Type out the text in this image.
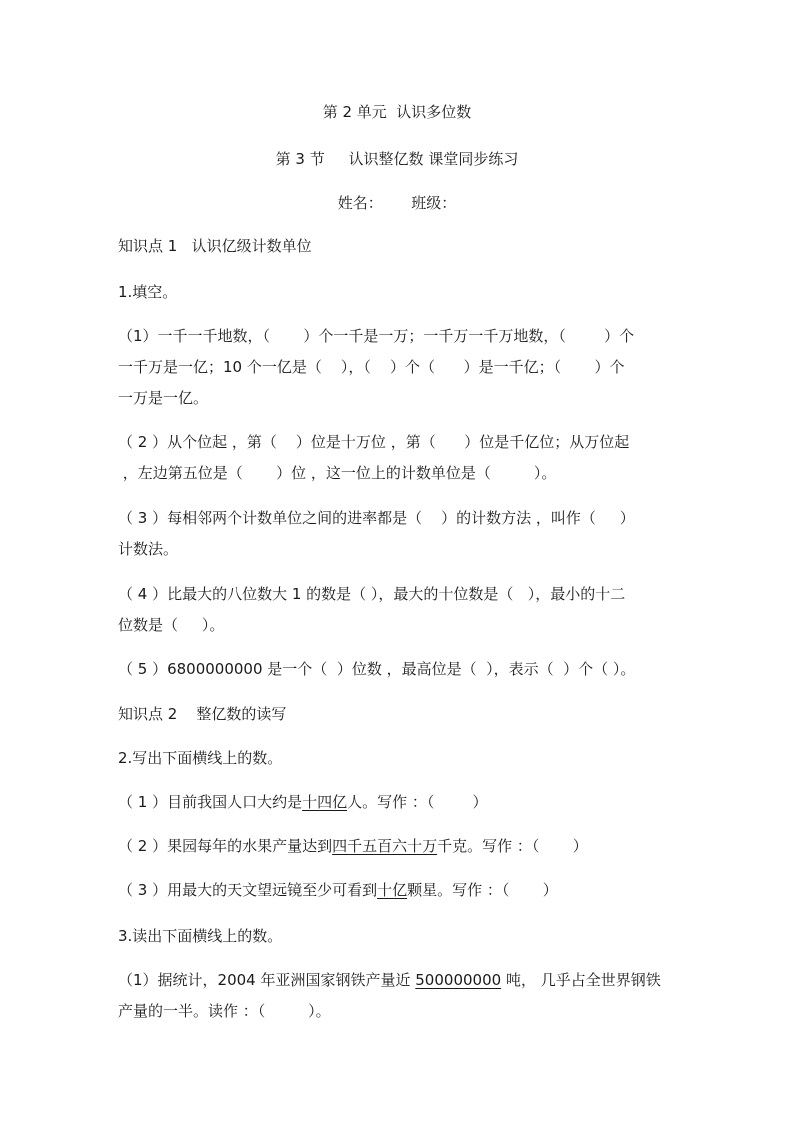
第 2 单元  认识多位数
第 3 节     认识整亿数 课堂同步练习
姓名：      班级：
知识点 1   认识亿级计数单位
1.填空。
（1）一千一千地数，（       ）个一千是一万；一千万一千万地数，（        ）个
一千万是一亿；10 个一亿是（    ），（    ）个（      ）是一千亿；（       ）个
一万是一亿。
（ 2 ）从个位起 ，第（    ）位是十万位 ，第（      ）位是千亿位；从万位起
，左边第五位是（       ）位 ，这一位上的计数单位是（         ）。
（ 3 ）每相邻两个计数单位之间的进率都是（    ）的计数方法 ，叫作（     ）
计数法。
（ 4 ）比最大的八位数大 1 的数是（ ），最大的十位数是（   ），最小的十二
位数是（     ）。
（ 5 ）6800000000 是一个（  ）位数 ，最高位是（  ），表示（  ）个（ ）。
知识点 2    整亿数的读写
2.写出下面横线上的数。
（ 1 ）目前我国人口大约是十四亿人。写作 ：（        ）
（ 2 ）果园每年的水果产量达到四千五百六十万千克。写作 ：（       ）
（ 3 ）用最大的天文望远镜至少可看到十亿颗星。写作 ：（       ）
3.读出下面横线上的数。
（1）据统计，2004 年亚洲国家钢铁产量近 500000000 吨， 几乎占全世界钢铁
产量的一半。读作 ：（         ）。
